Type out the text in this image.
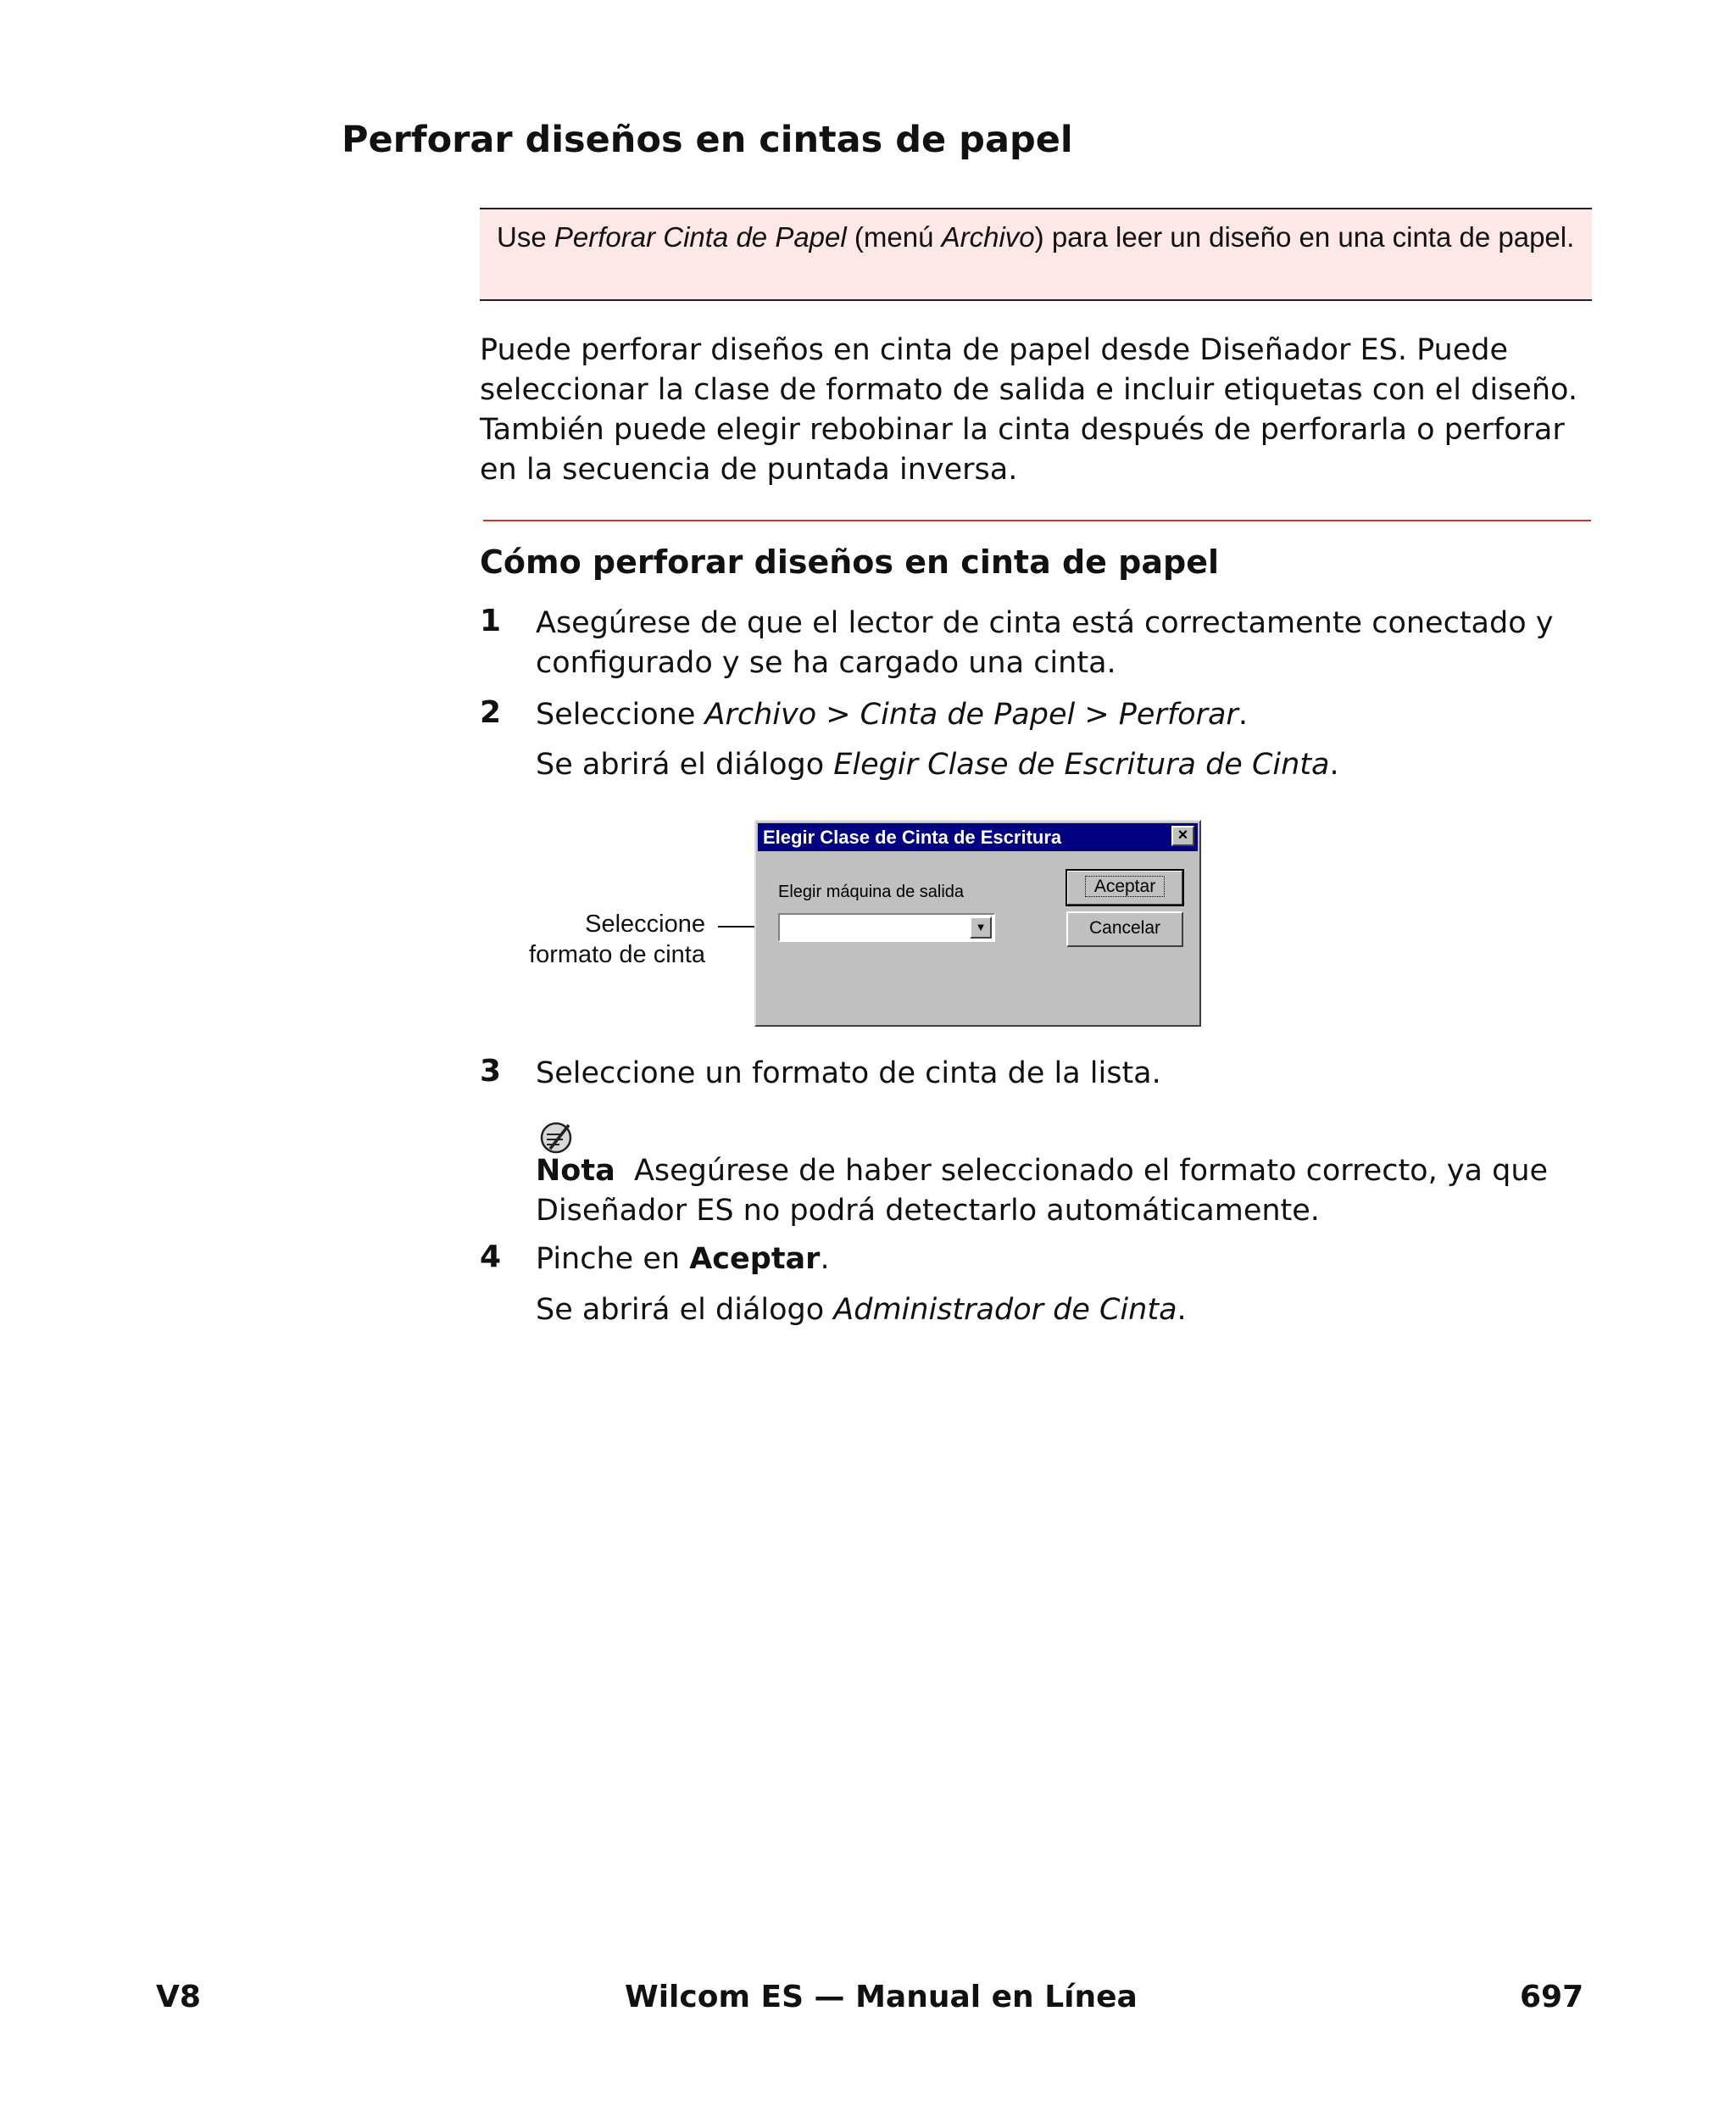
Perforar diseños en cintas de papel
Use Perforar Cinta de Papel (menú Archivo) para leer un diseño en una cinta de papel.
Puede perforar diseños en cinta de papel desde Diseñador ES. Puede seleccionar la clase de formato de salida e incluir etiquetas con el diseño. También puede elegir rebobinar la cinta después de perforarla o perforar en la secuencia de puntada inversa.
Cómo perforar diseños en cinta de papel
1 Asegúrese de que el lector de cinta está correctamente conectado y configurado y se ha cargado una cinta.
2 Seleccione Archivo > Cinta de Papel > Perforar.
Se abrirá el diálogo Elegir Clase de Escritura de Cinta.
Seleccione formato de cinta
Elegir Clase de Cinta de Escritura	×
Elegir máquina de salida
▼
Aceptar
Cancelar
3 Seleccione un formato de cinta de la lista.
Nota Asegúrese de haber seleccionado el formato correcto, ya que Diseñador ES no podrá detectarlo automáticamente.
4 Pinche en Aceptar.
Se abrirá el diálogo Administrador de Cinta.
V8	Wilcom ES — Manual en Línea	697
